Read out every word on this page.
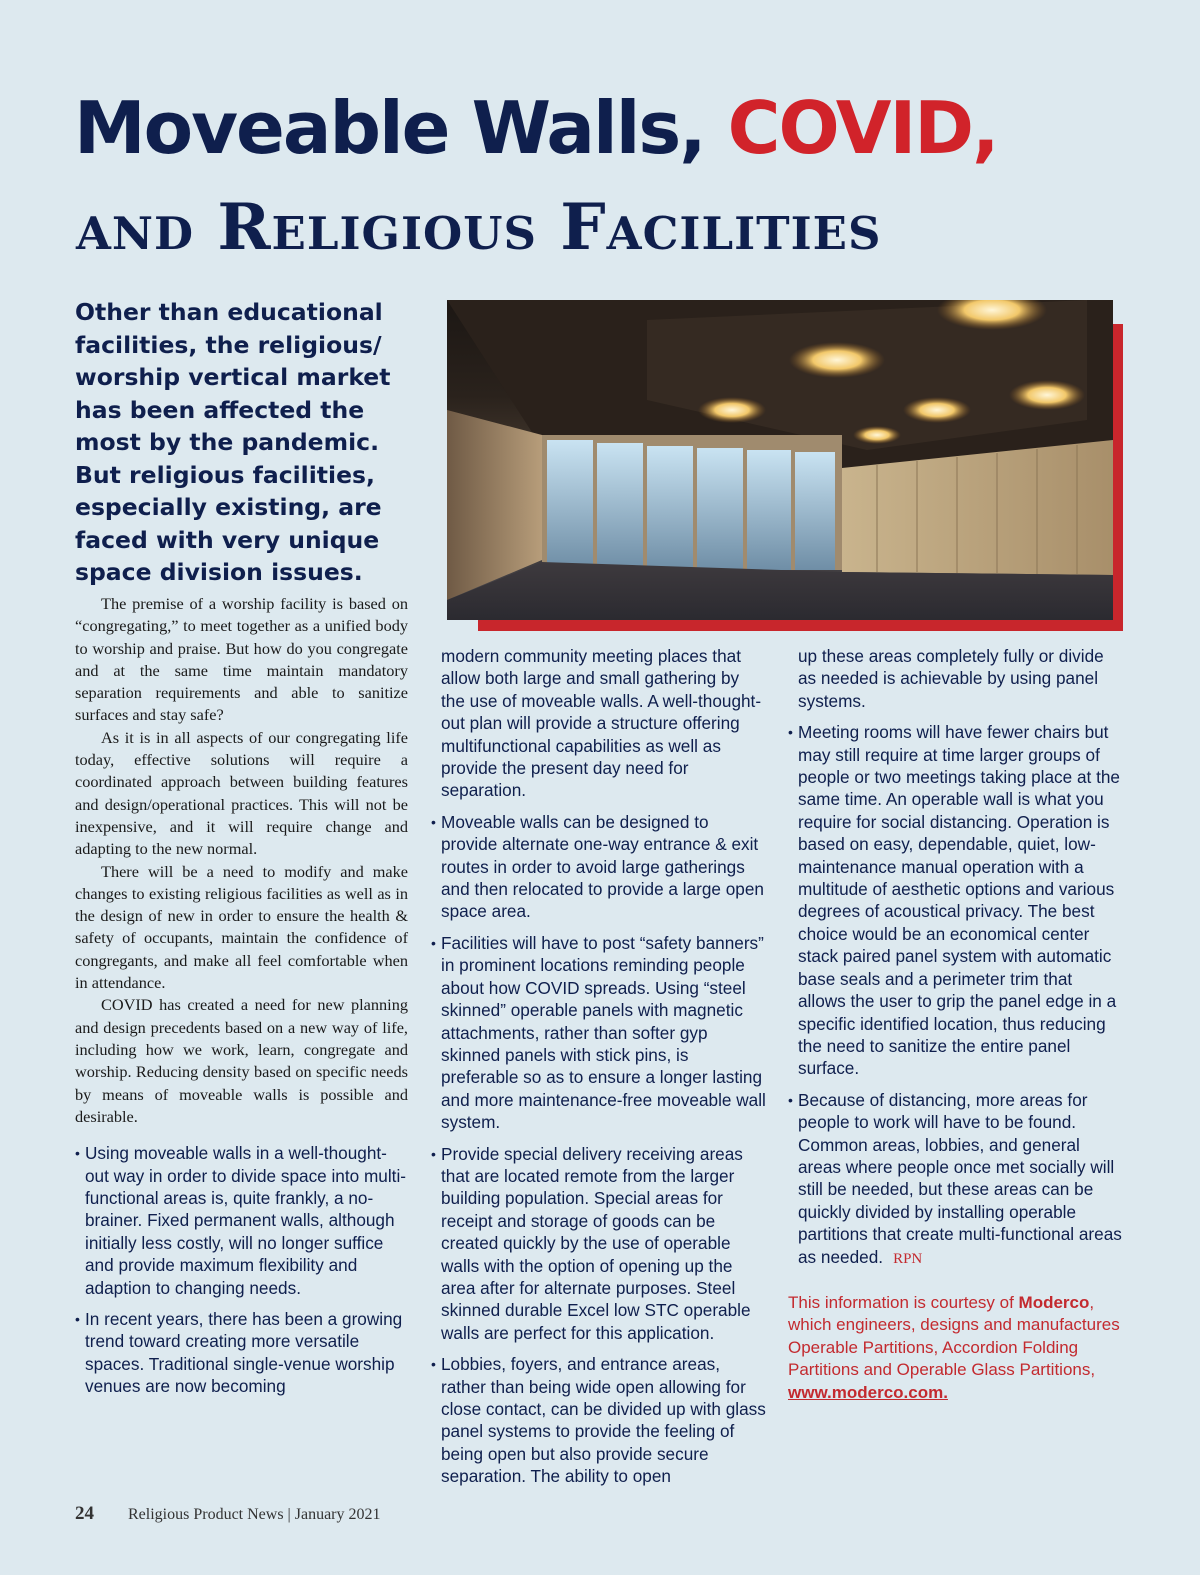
Moveable Walls, COVID,
and Religious Facilities

Other than educational facilities, the religious/ worship vertical market has been affected the most by the pandemic. But religious facilities, especially existing, are faced with very unique space division issues.

The premise of a worship facility is based on “congregating,” to meet together as a unified body to worship and praise. But how do you congregate and at the same time maintain mandatory separation requirements and able to sanitize surfaces and stay safe?

As it is in all aspects of our congregating life today, effective solutions will require a coordinated approach between building features and design/operational practices. This will not be inexpensive, and it will require change and adapting to the new normal.

There will be a need to modify and make changes to existing religious facilities as well as in the design of new in order to ensure the health & safety of occupants, maintain the confidence of congregants, and make all feel comfortable when in attendance.

COVID has created a need for new planning and design precedents based on a new way of life, including how we work, learn, congregate and worship. Reducing density based on specific needs by means of moveable walls is possible and desirable.

• Using moveable walls in a well-thought-out way in order to divide space into multi-functional areas is, quite frankly, a no-brainer. Fixed permanent walls, although initially less costly, will no longer suffice and provide maximum flexibility and adaption to changing needs.
• In recent years, there has been a growing trend toward creating more versatile spaces. Traditional single-venue worship venues are now becoming

modern community meeting places that allow both large and small gathering by the use of moveable walls. A well-thought-out plan will provide a structure offering multifunctional capabilities as well as provide the present day need for separation.

• Moveable walls can be designed to provide alternate one-way entrance & exit routes in order to avoid large gatherings and then relocated to provide a large open space area.
• Facilities will have to post “safety banners” in prominent locations reminding people about how COVID spreads. Using “steel skinned” operable panels with magnetic attachments, rather than softer gyp skinned panels with stick pins, is preferable so as to ensure a longer lasting and more maintenance-free moveable wall system.
• Provide special delivery receiving areas that are located remote from the larger building population. Special areas for receipt and storage of goods can be created quickly by the use of operable walls with the option of opening up the area after for alternate purposes. Steel skinned durable Excel low STC operable walls are perfect for this application.
• Lobbies, foyers, and entrance areas, rather than being wide open allowing for close contact, can be divided up with glass panel systems to provide the feeling of being open but also provide secure separation. The ability to open

up these areas completely fully or divide as needed is achievable by using panel systems.

• Meeting rooms will have fewer chairs but may still require at time larger groups of people or two meetings taking place at the same time. An operable wall is what you require for social distancing. Operation is based on easy, dependable, quiet, low-maintenance manual operation with a multitude of aesthetic options and various degrees of acoustical privacy. The best choice would be an economical center stack paired panel system with automatic base seals and a perimeter trim that allows the user to grip the panel edge in a specific identified location, thus reducing the need to sanitize the entire panel surface.
• Because of distancing, more areas for people to work will have to be found. Common areas, lobbies, and general areas where people once met socially will still be needed, but these areas can be quickly divided by installing operable partitions that create multi-functional areas as needed. RPN
This information is courtesy of Moderco, which engineers, designs and manufactures Operable Partitions, Accordion Folding Partitions and Operable Glass Partitions, www.moderco.com.
24 Religious Product News | January 2021
